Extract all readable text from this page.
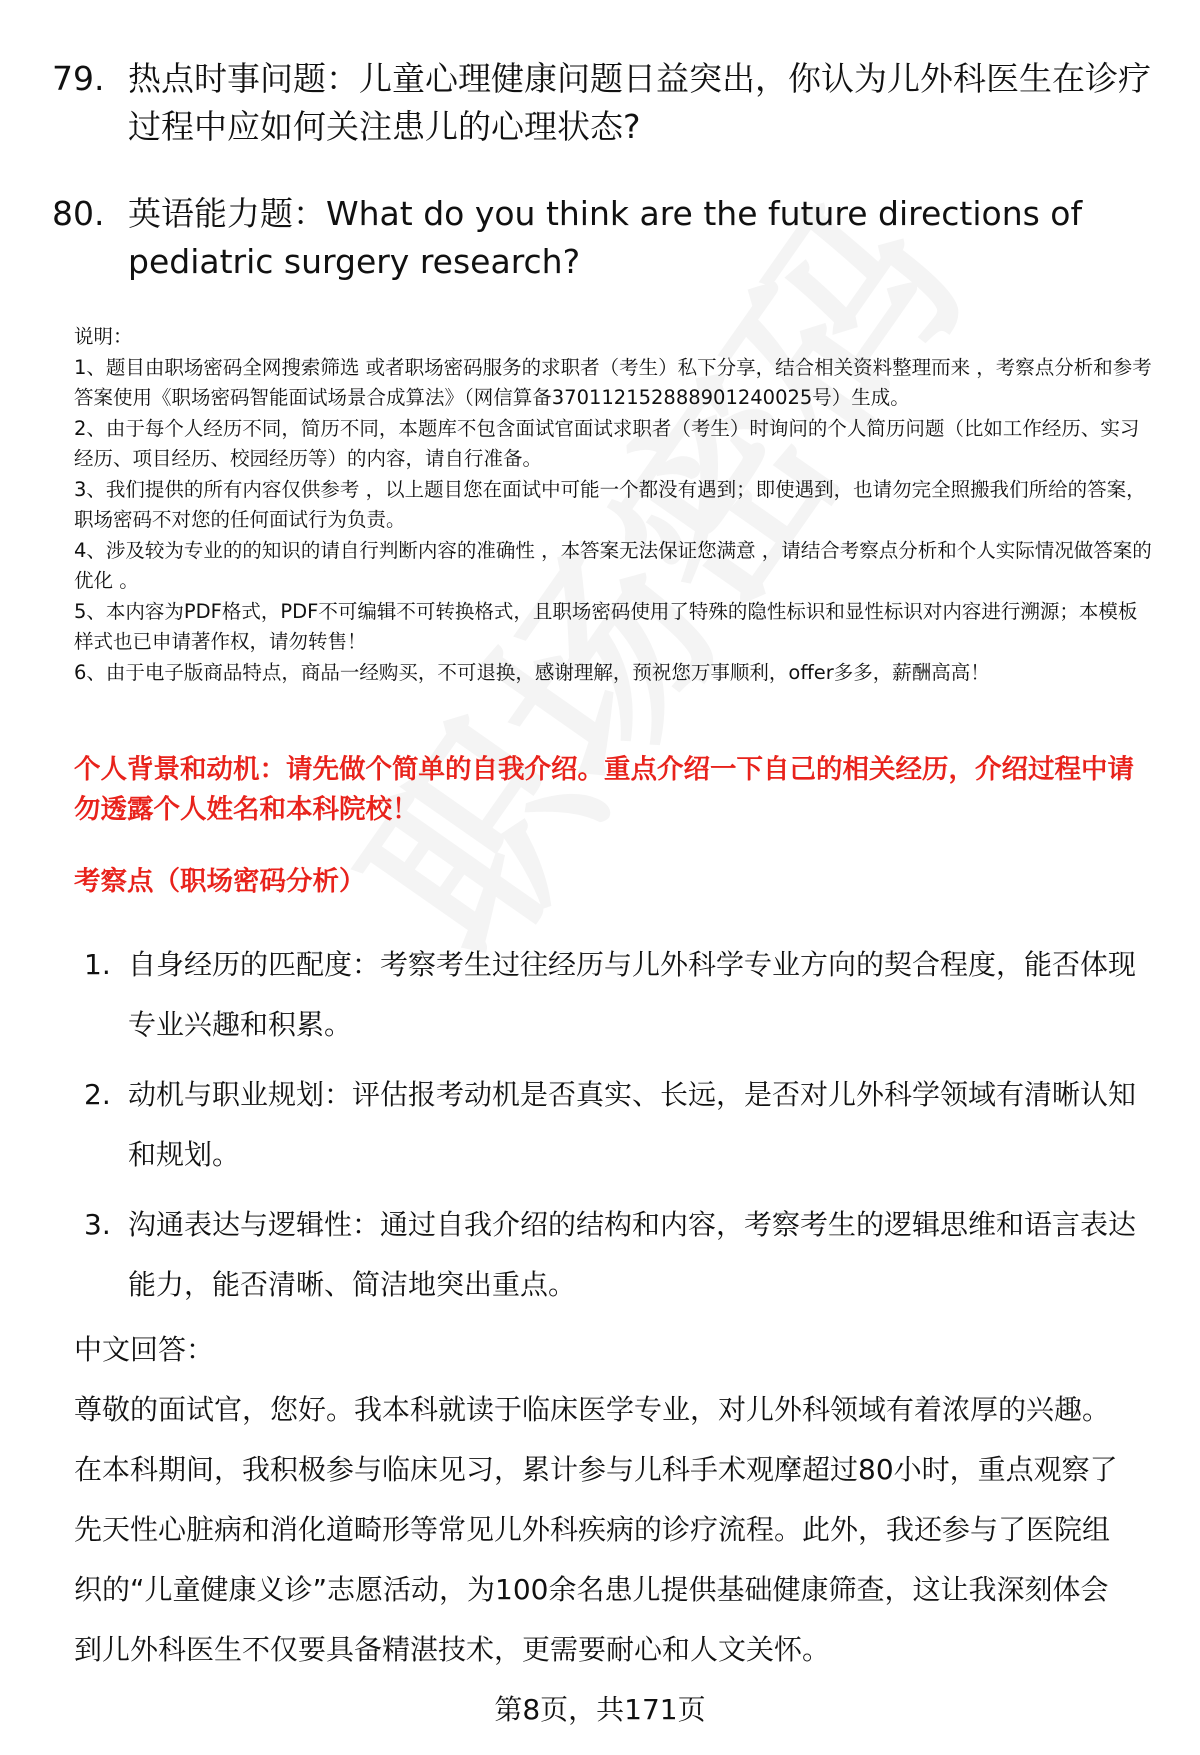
79. 热点时事问题：儿童心理健康问题日益突出，你认为儿外科医生在诊疗过程中应如何关注患儿的心理状态?
80. 英语能力题：What do you think are the future directions of pediatric surgery research?
说明：
1、题目由职场密码全网搜索筛选 或者职场密码服务的求职者（考生）私下分享，结合相关资料整理而来 ，考察点分析和参考答案使用《职场密码智能面试场景合成算法》（网信算备370112152888901240025号）生成。
2、由于每个人经历不同，简历不同，本题库不包含面试官面试求职者（考生）时询问的个人简历问题（比如工作经历、实习经历、项目经历、校园经历等）的内容，请自行准备。
3、我们提供的所有内容仅供参考 ，以上题目您在面试中可能一个都没有遇到；即使遇到，也请勿完全照搬我们所给的答案，职场密码不对您的任何面试行为负责。
4、涉及较为专业的的知识的请自行判断内容的准确性 ，本答案无法保证您满意 ，请结合考察点分析和个人实际情况做答案的优化 。
5、本内容为PDF格式，PDF不可编辑不可转换格式，且职场密码使用了特殊的隐性标识和显性标识对内容进行溯源；本模板样式也已申请著作权，请勿转售！
6、由于电子版商品特点，商品一经购买，不可退换，感谢理解，预祝您万事顺利，offer多多，薪酬高高！
个人背景和动机：请先做个简单的自我介绍。重点介绍一下自己的相关经历，介绍过程中请勿透露个人姓名和本科院校！
考察点（职场密码分析）
1. 自身经历的匹配度：考察考生过往经历与儿外科学专业方向的契合程度，能否体现专业兴趣和积累。
2. 动机与职业规划：评估报考动机是否真实、长远，是否对儿外科学领域有清晰认知和规划。
3. 沟通表达与逻辑性：通过自我介绍的结构和内容，考察考生的逻辑思维和语言表达能力，能否清晰、简洁地突出重点。
中文回答：
尊敬的面试官，您好。我本科就读于临床医学专业，对儿外科领域有着浓厚的兴趣。在本科期间，我积极参与临床见习，累计参与儿科手术观摩超过80小时，重点观察了先天性心脏病和消化道畸形等常见儿外科疾病的诊疗流程。此外，我还参与了医院组织的“儿童健康义诊”志愿活动，为100余名患儿提供基础健康筛查，这让我深刻体会到儿外科医生不仅要具备精湛技术，更需要耐心和人文关怀。
第8页，共171页
